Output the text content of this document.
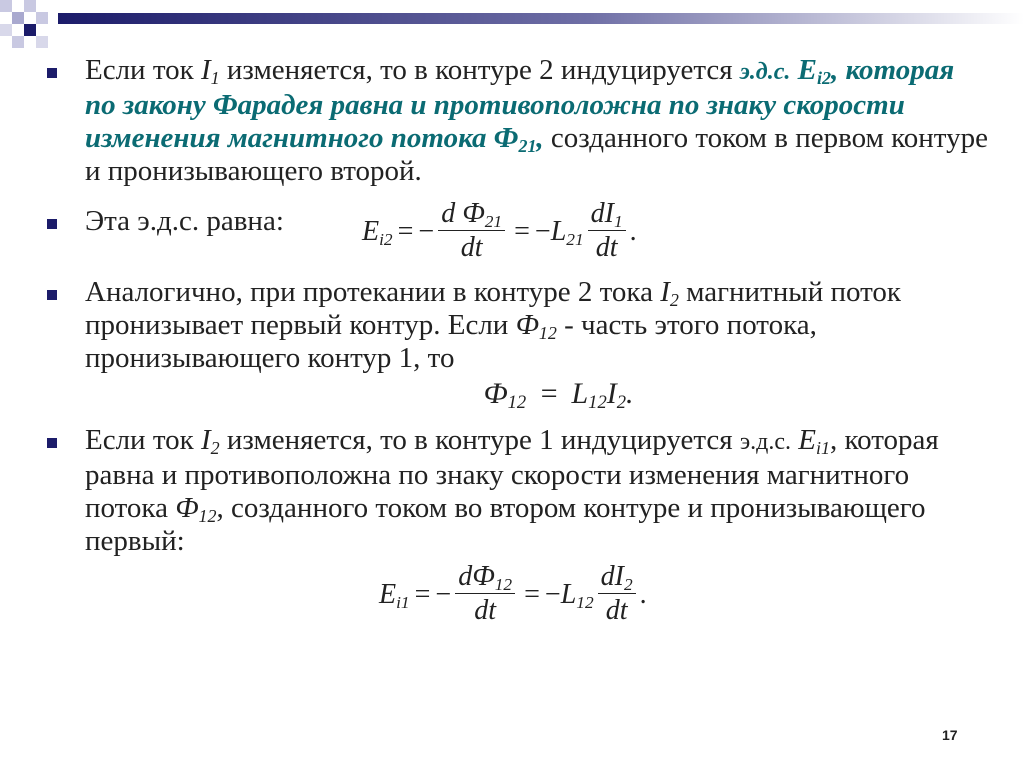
Если ток $I_1$ изменяется, то в контуре 2 индуцируется э.д.с. $E_{i2}$, которая по закону Фарадея равна и противоположна по знаку скорости изменения магнитного потока $Ф_{21}$, созданного током в первом контуре и пронизывающего второй.
Эта э.д.с. равна:	$E_{i2}$ = − $\frac{d Ф_{21}}{dt}$ = − $L_{21} \frac{dI_1}{dt}$ .
Аналогично, при протекании в контуре 2 тока $I_2$ магнитный поток пронизывает первый контур. Если $Ф_{12}$ - часть этого потока, пронизывающего контур 1, то
$Ф_{12} = L_{12}I_2$.
Если ток $I_2$ изменяется, то в контуре 1 индуцируется э.д.с. $E_{i1}$, которая равна и противоположна по знаку скорости изменения магнитного потока $Ф_{12}$, созданного током во втором контуре и пронизывающего первый:
$E_{i1}$ = − $\frac{dФ_{12}}{dt}$ = − $L_{12} \frac{dI_2}{dt}$ .
17
